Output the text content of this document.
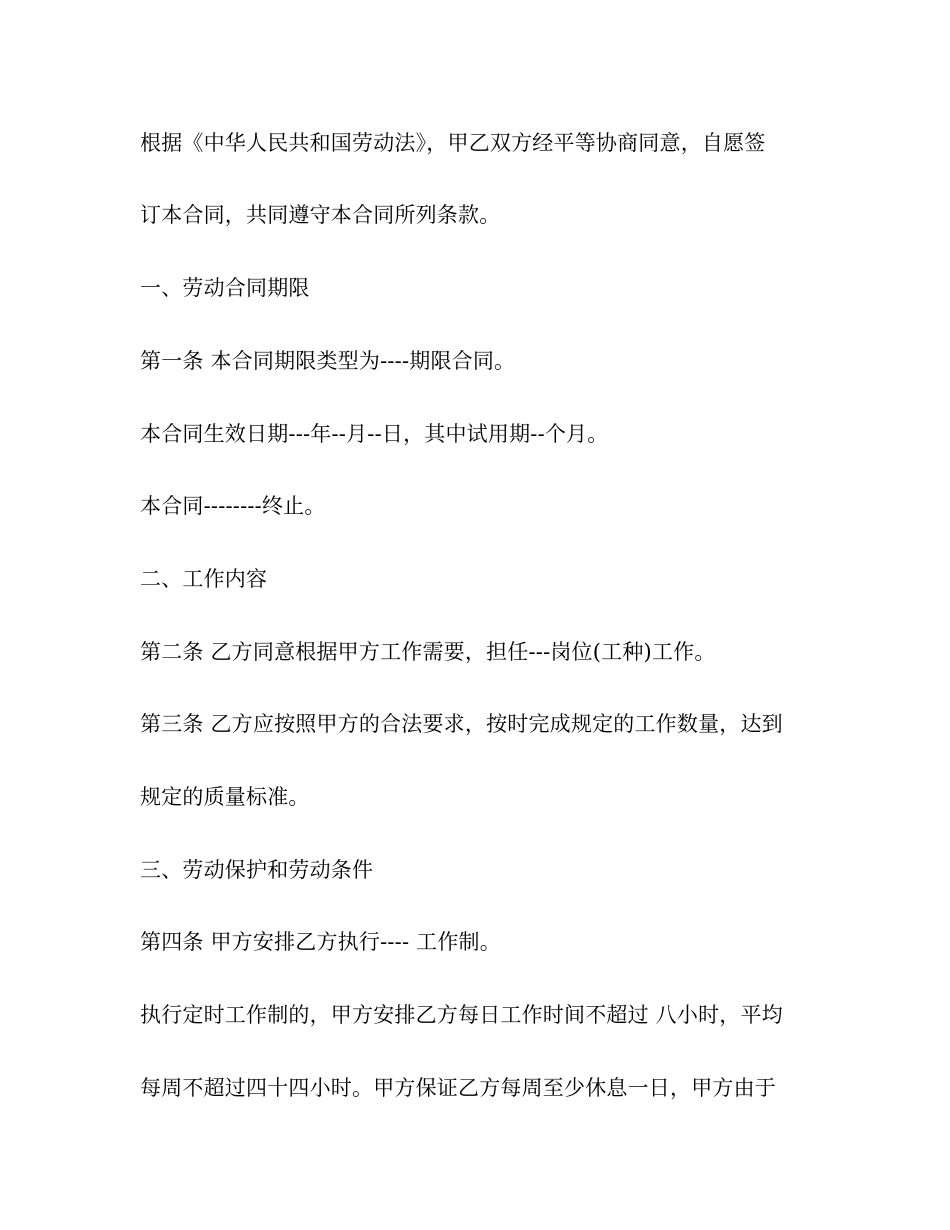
根据《中华人民共和国劳动法》，甲乙双方经平等协商同意，自愿签
订本合同，共同遵守本合同所列条款。
一、劳动合同期限
第一条 本合同期限类型为----期限合同。
本合同生效日期---年--月--日，其中试用期--个月。
本合同--------终止。
二、工作内容
第二条 乙方同意根据甲方工作需要，担任---岗位(工种)工作。
第三条 乙方应按照甲方的合法要求，按时完成规定的工作数量，达到
规定的质量标准。
三、劳动保护和劳动条件
第四条 甲方安排乙方执行---- 工作制。
执行定时工作制的，甲方安排乙方每日工作时间不超过 八小时，平均
每周不超过四十四小时。甲方保证乙方每周至少休息一日，甲方由于
